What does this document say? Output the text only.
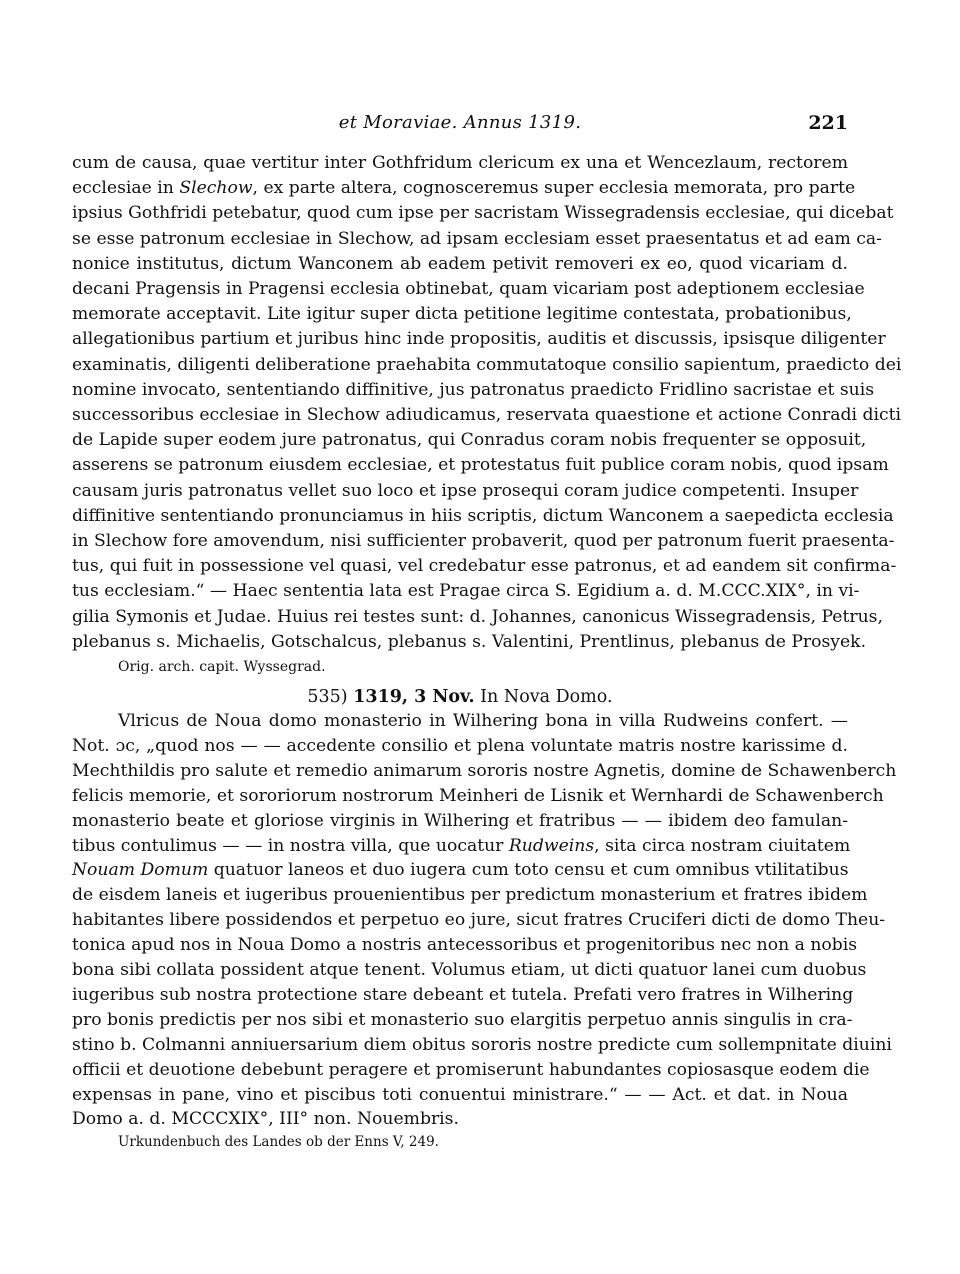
et Moraviae. Annus 1319.	221
cum de causa, quae vertitur inter Gothfridum clericum ex una et Wencezlaum, rectorem
ecclesiae in Slechow, ex parte altera, cognosceremus super ecclesia memorata, pro parte
ipsius Gothfridi petebatur, quod cum ipse per sacristam Wissegradensis ecclesiae, qui dicebat
se esse patronum ecclesiae in Slechow, ad ipsam ecclesiam esset praesentatus et ad eam ca-
nonice institutus, dictum Wanconem ab eadem petivit removeri ex eo, quod vicariam d.
decani Pragensis in Pragensi ecclesia obtinebat, quam vicariam post adeptionem ecclesiae
memorate acceptavit. Lite igitur super dicta petitione legitime contestata, probationibus,
allegationibus partium et juribus hinc inde propositis, auditis et discussis, ipsisque diligenter
examinatis, diligenti deliberatione praehabita commutatoque consilio sapientum, praedicto dei
nomine invocato, sententiando diffinitive, jus patronatus praedicto Fridlino sacristae et suis
successoribus ecclesiae in Slechow adiudicamus, reservata quaestione et actione Conradi dicti
de Lapide super eodem jure patronatus, qui Conradus coram nobis frequenter se opposuit,
asserens se patronum eiusdem ecclesiae, et protestatus fuit publice coram nobis, quod ipsam
causam juris patronatus vellet suo loco et ipse prosequi coram judice competenti. Insuper
diffinitive sententiando pronunciamus in hiis scriptis, dictum Wanconem a saepedicta ecclesia
in Slechow fore amovendum, nisi sufficienter probaverit, quod per patronum fuerit praesenta-
tus, qui fuit in possessione vel quasi, vel credebatur esse patronus, et ad eandem sit confirma-
tus ecclesiam.“ — Haec sententia lata est Pragae circa S. Egidium a. d. M.CCC.XIX°, in vi-
gilia Symonis et Judae. Huius rei testes sunt: d. Johannes, canonicus Wissegradensis, Petrus,
plebanus s. Michaelis, Gotschalcus, plebanus s. Valentini, Prentlinus, plebanus de Prosyek.
Orig. arch. capit. Wyssegrad.
535) 1319, 3 Nov. In Nova Domo.
Vlricus de Noua domo monasterio in Wilhering bona in villa Rudweins confert. —
Not. ɔc, „quod nos — — accedente consilio et plena voluntate matris nostre karissime d.
Mechthildis pro salute et remedio animarum sororis nostre Agnetis, domine de Schawenberch
felicis memorie, et sororiorum nostrorum Meinheri de Lisnik et Wernhardi de Schawenberch
monasterio beate et gloriose virginis in Wilhering et fratribus — — ibidem deo famulan-
tibus contulimus — — in nostra villa, que uocatur Rudweins, sita circa nostram ciuitatem
Nouam Domum quatuor laneos et duo iugera cum toto censu et cum omnibus vtilitatibus
de eisdem laneis et iugeribus prouenientibus per predictum monasterium et fratres ibidem
habitantes libere possidendos et perpetuo eo jure, sicut fratres Cruciferi dicti de domo Theu-
tonica apud nos in Noua Domo a nostris antecessoribus et progenitoribus nec non a nobis
bona sibi collata possident atque tenent. Volumus etiam, ut dicti quatuor lanei cum duobus
iugeribus sub nostra protectione stare debeant et tutela. Prefati vero fratres in Wilhering
pro bonis predictis per nos sibi et monasterio suo elargitis perpetuo annis singulis in cra-
stino b. Colmanni anniuersarium diem obitus sororis nostre predicte cum sollempnitate diuini
officii et deuotione debebunt peragere et promiserunt habundantes copiosasque eodem die
expensas in pane, vino et piscibus toti conuentui ministrare.“ — — Act. et dat. in Noua
Domo a. d. MCCCXIX°, III° non. Nouembris.
Urkundenbuch des Landes ob der Enns V, 249.
